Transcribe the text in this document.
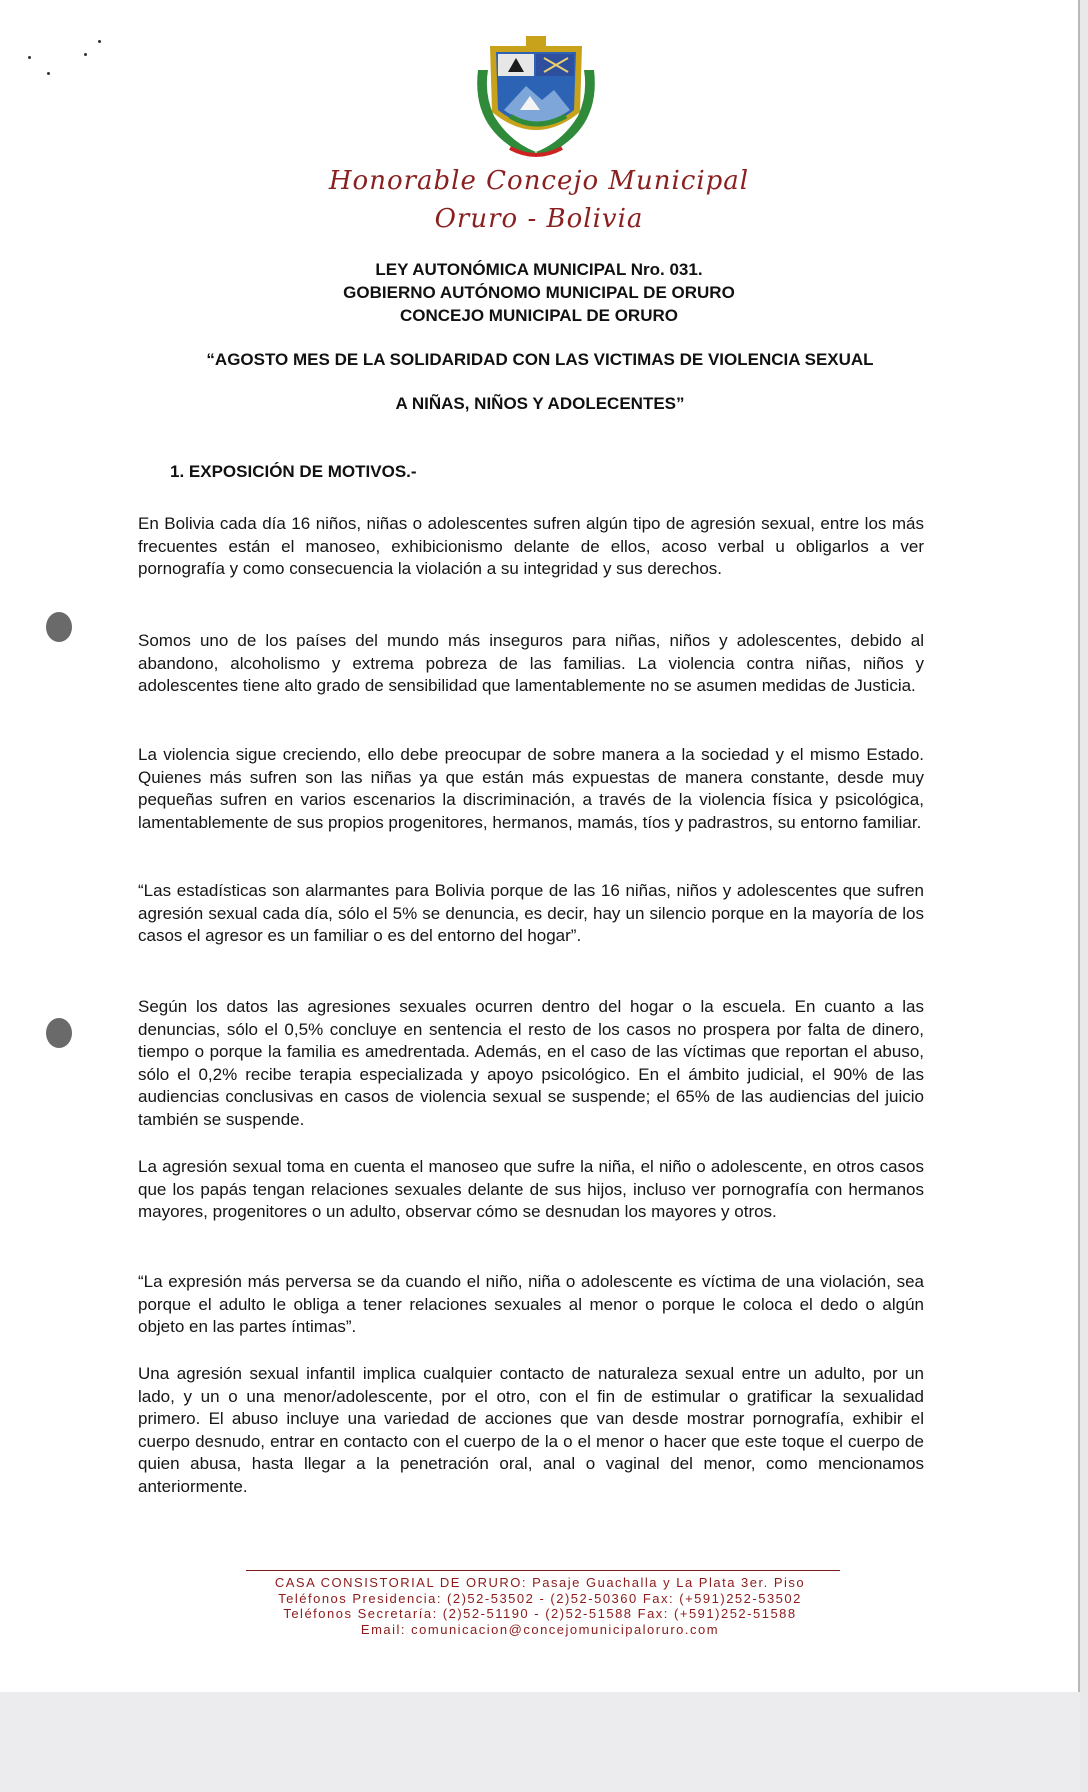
Honorable Concejo Municipal
Oruro - Bolivia
LEY AUTONÓMICA MUNICIPAL Nro. 031.
GOBIERNO AUTÓNOMO MUNICIPAL DE ORURO
CONCEJO MUNICIPAL DE ORURO
“AGOSTO MES DE LA SOLIDARIDAD CON LAS VICTIMAS DE VIOLENCIA SEXUAL
A NIÑAS, NIÑOS Y ADOLECENTES”
1. EXPOSICIÓN DE MOTIVOS.-
En Bolivia cada día 16 niños, niñas o adolescentes sufren algún tipo de agresión sexual, entre los más frecuentes están el manoseo, exhibicionismo delante de ellos, acoso verbal u obligarlos a ver pornografía y como consecuencia la violación a su integridad y sus derechos.
Somos uno de los países del mundo más inseguros para niñas, niños y adolescentes, debido al abandono, alcoholismo y extrema pobreza de las familias. La violencia contra niñas, niños y adolescentes tiene alto grado de sensibilidad que lamentablemente no se asumen medidas de Justicia.
La violencia sigue creciendo, ello debe preocupar de sobre manera a la sociedad y el mismo Estado. Quienes más sufren son las niñas ya que están más expuestas de manera constante, desde muy pequeñas sufren en varios escenarios la discriminación, a través de la violencia física y psicológica, lamentablemente de sus propios progenitores, hermanos, mamás, tíos y padrastros, su entorno familiar.
“Las estadísticas son alarmantes para Bolivia porque de las 16 niñas, niños y adolescentes que sufren agresión sexual cada día, sólo el 5% se denuncia, es decir, hay un silencio porque en la mayoría de los casos el agresor es un familiar o es del entorno del hogar”.
Según los datos las agresiones sexuales ocurren dentro del hogar o la escuela. En cuanto a las denuncias, sólo el 0,5% concluye en sentencia el resto de los casos no prospera por falta de dinero, tiempo o porque la familia es amedrentada. Además, en el caso de las víctimas que reportan el abuso, sólo el 0,2% recibe terapia especializada y apoyo psicológico. En el ámbito judicial, el 90% de las audiencias conclusivas en casos de violencia sexual se suspende; el 65% de las audiencias del juicio también se suspende.
La agresión sexual toma en cuenta el manoseo que sufre la niña, el niño o adolescente, en otros casos que los papás tengan relaciones sexuales delante de sus hijos, incluso ver pornografía con hermanos mayores, progenitores o un adulto, observar cómo se desnudan los mayores y otros.
“La expresión más perversa se da cuando el niño, niña o adolescente es víctima de una violación, sea porque el adulto le obliga a tener relaciones sexuales al menor o porque le coloca el dedo o algún objeto en las partes íntimas”.
Una agresión sexual infantil implica cualquier contacto de naturaleza sexual entre un adulto, por un lado, y un o una menor/adolescente, por el otro, con el fin de estimular o gratificar la sexualidad primero. El abuso incluye una variedad de acciones que van desde mostrar pornografía, exhibir el cuerpo desnudo, entrar en contacto con el cuerpo de la o el menor o hacer que este toque el cuerpo de quien abusa, hasta llegar a la penetración oral, anal o vaginal del menor, como mencionamos anteriormente.
CASA CONSISTORIAL DE ORURO: Pasaje Guachalla y La Plata 3er. Piso
Teléfonos Presidencia: (2)52-53502 - (2)52-50360 Fax: (+591)252-53502
Teléfonos Secretaría: (2)52-51190 - (2)52-51588 Fax: (+591)252-51588
Email: comunicacion@concejomunicipaloruro.com
